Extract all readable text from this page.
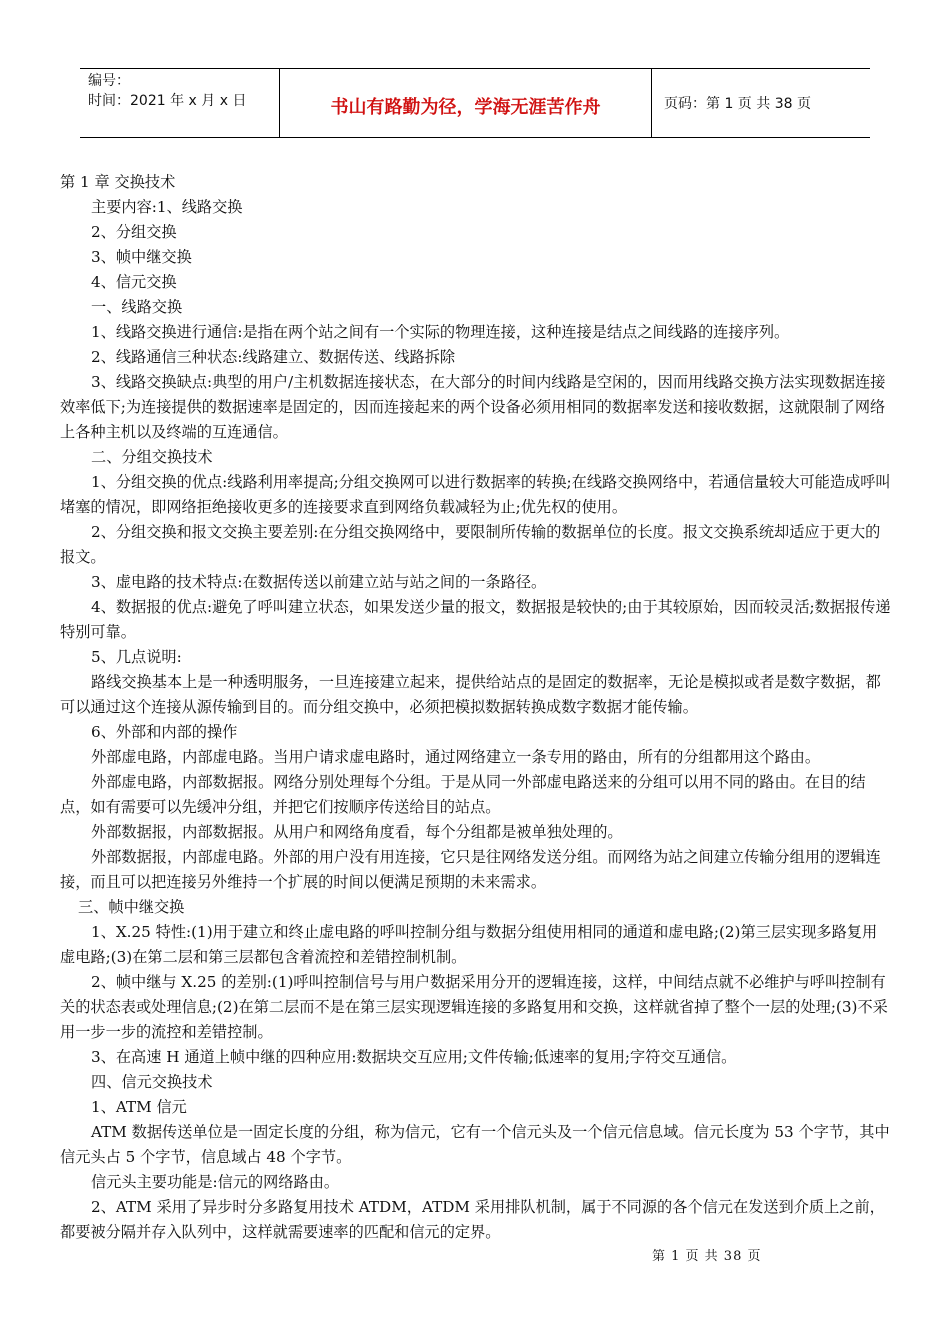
编号：
时间：2021 年 x 月 x 日	书山有路勤为径，学海无涯苦作舟	页码：第 1 页 共 38 页

第 1 章 交换技术

主要内容:1、线路交换

2、分组交换

3、帧中继交换

4、信元交换

一、线路交换

1、线路交换进行通信:是指在两个站之间有一个实际的物理连接，这种连接是结点之间线路的连接序列。

2、线路通信三种状态:线路建立、数据传送、线路拆除

3、线路交换缺点:典型的用户/主机数据连接状态，在大部分的时间内线路是空闲的，因而用线路交换方法实现数据连接效率低下;为连接提供的数据速率是固定的，因而连接起来的两个设备必须用相同的数据率发送和接收数据，这就限制了网络上各种主机以及终端的互连通信。

二、分组交换技术

1、分组交换的优点:线路利用率提高;分组交换网可以进行数据率的转换;在线路交换网络中，若通信量较大可能造成呼叫堵塞的情况，即网络拒绝接收更多的连接要求直到网络负载减轻为止;优先权的使用。

2、分组交换和报文交换主要差别:在分组交换网络中，要限制所传输的数据单位的长度。报文交换系统却适应于更大的报文。

3、虚电路的技术特点:在数据传送以前建立站与站之间的一条路径。

4、数据报的优点:避免了呼叫建立状态，如果发送少量的报文，数据报是较快的;由于其较原始，因而较灵活;数据报传递特别可靠。

5、几点说明:

路线交换基本上是一种透明服务，一旦连接建立起来，提供给站点的是固定的数据率，无论是模拟或者是数字数据，都可以通过这个连接从源传输到目的。而分组交换中，必须把模拟数据转换成数字数据才能传输。

6、外部和内部的操作

外部虚电路，内部虚电路。当用户请求虚电路时，通过网络建立一条专用的路由，所有的分组都用这个路由。

外部虚电路，内部数据报。网络分别处理每个分组。于是从同一外部虚电路送来的分组可以用不同的路由。在目的结点，如有需要可以先缓冲分组，并把它们按顺序传送给目的站点。

外部数据报，内部数据报。从用户和网络角度看，每个分组都是被单独处理的。

外部数据报，内部虚电路。外部的用户没有用连接，它只是往网络发送分组。而网络为站之间建立传输分组用的逻辑连接，而且可以把连接另外维持一个扩展的时间以便满足预期的未来需求。

三、帧中继交换

1、X.25 特性:(1)用于建立和终止虚电路的呼叫控制分组与数据分组使用相同的通道和虚电路;(2)第三层实现多路复用虚电路;(3)在第二层和第三层都包含着流控和差错控制机制。

2、帧中继与 X.25 的差别:(1)呼叫控制信号与用户数据采用分开的逻辑连接，这样，中间结点就不必维护与呼叫控制有关的状态表或处理信息;(2)在第二层而不是在第三层实现逻辑连接的多路复用和交换，这样就省掉了整个一层的处理;(3)不采用一步一步的流控和差错控制。

3、在高速 H 通道上帧中继的四种应用:数据块交互应用;文件传输;低速率的复用;字符交互通信。

四、信元交换技术

1、ATM 信元

ATM 数据传送单位是一固定长度的分组，称为信元，它有一个信元头及一个信元信息域。信元长度为 53 个字节，其中信元头占 5 个字节，信息域占 48 个字节。

信元头主要功能是:信元的网络路由。

2、ATM 采用了异步时分多路复用技术 ATDM，ATDM 采用排队机制，属于不同源的各个信元在发送到介质上之前，都要被分隔并存入队列中，这样就需要速率的匹配和信元的定界。

第 1 页 共 38 页
